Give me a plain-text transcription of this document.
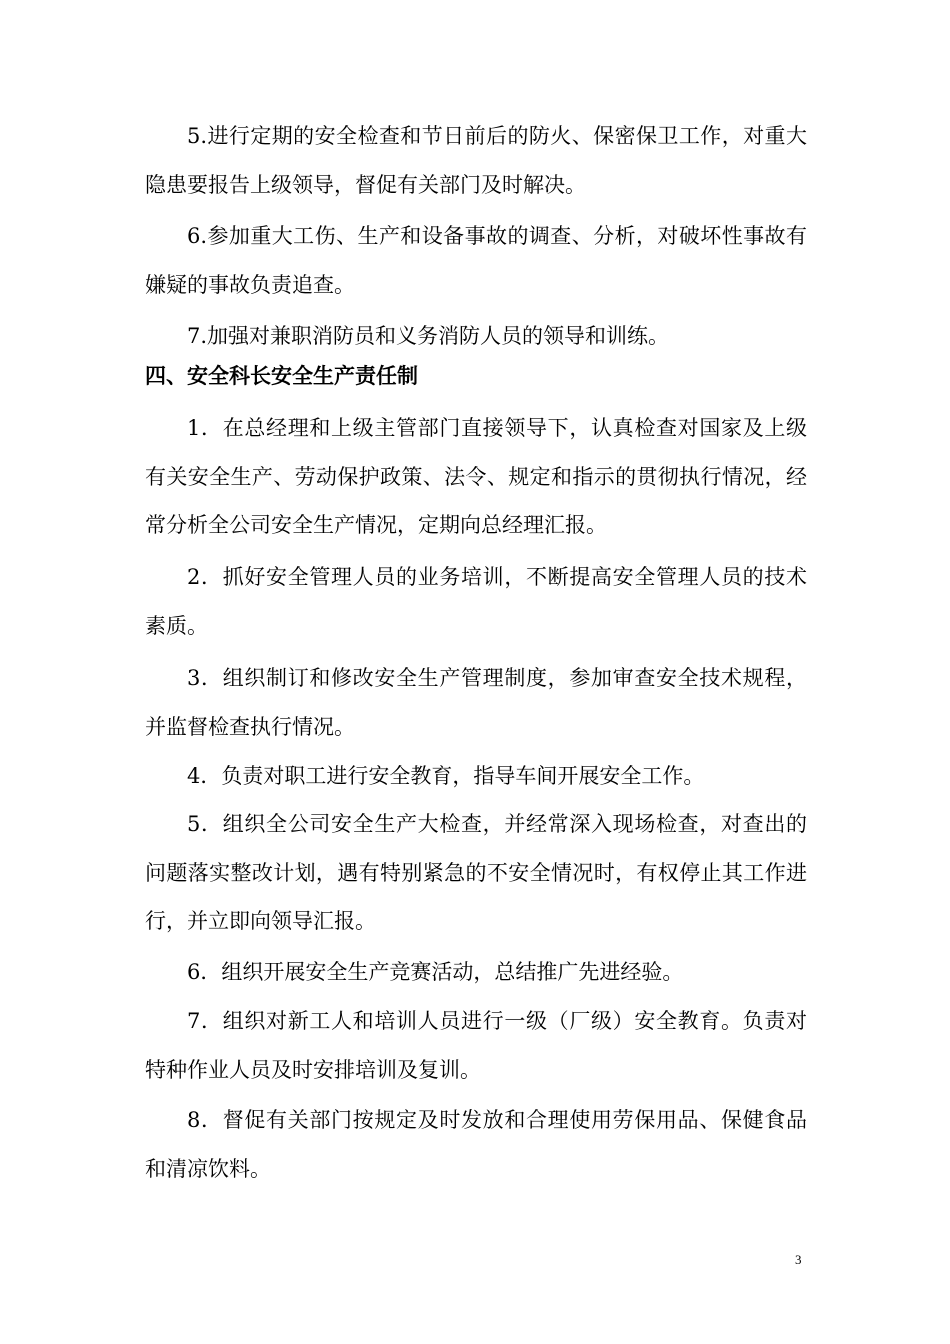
5.进行定期的安全检查和节日前后的防火、保密保卫工作，对重大隐患要报告上级领导，督促有关部门及时解决。

6.参加重大工伤、生产和设备事故的调查、分析，对破坏性事故有嫌疑的事故负责追查。

7.加强对兼职消防员和义务消防人员的领导和训练。

四、安全科长安全生产责任制

1．在总经理和上级主管部门直接领导下，认真检查对国家及上级有关安全生产、劳动保护政策、法令、规定和指示的贯彻执行情况，经常分析全公司安全生产情况，定期向总经理汇报。

2．抓好安全管理人员的业务培训，不断提高安全管理人员的技术素质。

3．组织制订和修改安全生产管理制度，参加审查安全技术规程，并监督检查执行情况。

4．负责对职工进行安全教育，指导车间开展安全工作。

5．组织全公司安全生产大检查，并经常深入现场检查，对查出的问题落实整改计划，遇有特别紧急的不安全情况时，有权停止其工作进行，并立即向领导汇报。

6．组织开展安全生产竞赛活动，总结推广先进经验。

7．组织对新工人和培训人员进行一级（厂级）安全教育。负责对特种作业人员及时安排培训及复训。

8．督促有关部门按规定及时发放和合理使用劳保用品、保健食品和清凉饮料。

3
